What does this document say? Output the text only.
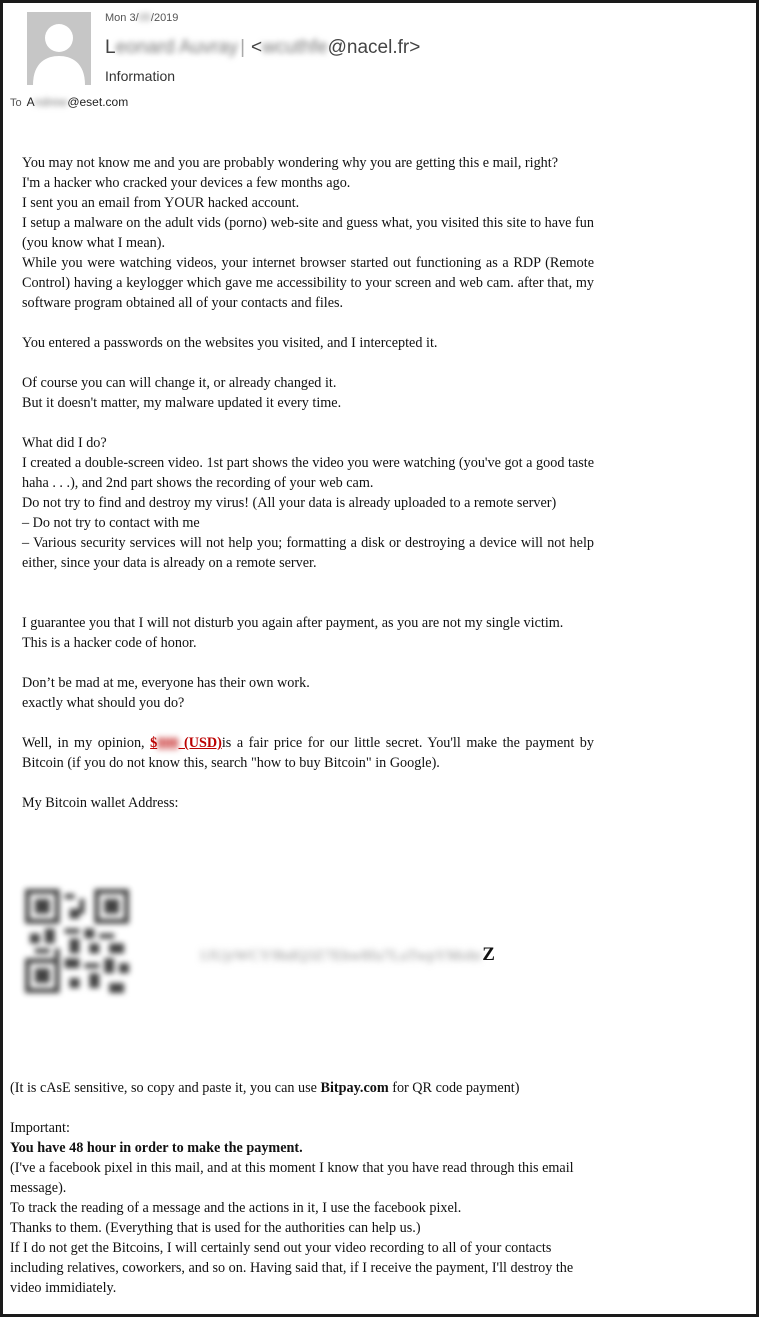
Mon 3/05/2019
Leonard Auvray | <wcuthfe@nacel.fr>
Information
To Andrew@eset.com

You may not know me and you are probably wondering why you are getting this e mail, right?

I'm a hacker who cracked your devices a few months ago.

I sent you an email from YOUR hacked account.

I setup a malware on the adult vids (porno) web-site and guess what, you visited this site to have fun (you know what I mean).

While you were watching videos, your internet browser started out functioning as a RDP (Remote Control) having a keylogger which gave me accessibility to your screen and web cam. after that, my software program obtained all of your contacts and files.

You entered a passwords on the websites you visited, and I intercepted it.

Of course you can will change it, or already changed it.

But it doesn't matter, my malware updated it every time.

What did I do?

I created a double-screen video. 1st part shows the video you were watching (you've got a good taste haha . . .), and 2nd part shows the recording of your web cam.

Do not try to find and destroy my virus! (All your data is already uploaded to a remote server)

– Do not try to contact with me

– Various security services will not help you; formatting a disk or destroying a device will not help either, since your data is already on a remote server.

I guarantee you that I will not disturb you again after payment, as you are not my single victim.

This is a hacker code of honor.

Don’t be mad at me, everyone has their own work.

exactly what should you do?

Well, in my opinion, $800 (USD)is a fair price for our little secret. You'll make the payment by Bitcoin (if you do not know this, search "how to buy Bitcoin" in Google).

My Bitcoin wallet Address:

1JUjrWCY9bdQ3Z7Ehw8fu7LaTwpYMohrZ

(It is cAsE sensitive, so copy and paste it, you can use Bitpay.com for QR code payment)

Important:

You have 48 hour in order to make the payment.

(I've a facebook pixel in this mail, and at this moment I know that you have read through this email message).

To track the reading of a message and the actions in it, I use the facebook pixel.

Thanks to them. (Everything that is used for the authorities can help us.)

If I do not get the Bitcoins, I will certainly send out your video recording to all of your contacts including relatives, coworkers, and so on. Having said that, if I receive the payment, I'll destroy the video immidiately.
